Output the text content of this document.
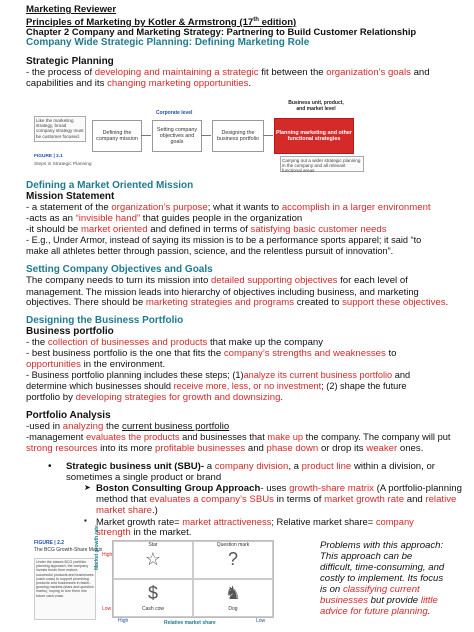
Marketing Reviewer
Principles of Marketing by Kotler & Armstrong (17th edition)
Chapter 2 Company and Marketing Strategy: Partnering to Build Customer Relationship
Company Wide Strategic Planning: Defining Marketing Role
Strategic Planning
- the process of developing and maintaining a strategic fit between the organization’s goals and
capabilities and its changing marketing opportunities.
Like the marketing strategy, broad company strategy must be customer focused.
Corporate level
Business unit, product, and market level
Defining the company mission
Setting company objectives and goals
Designing the business portfolio
Planning marketing and other functional strategies
Carrying out a wider strategic planning in the company and all relevant functional areas
FIGURE | 2.1
Steps in Strategic Planning
Defining a Market Oriented Mission
Mission Statement
- a statement of the organization’s purpose; what it wants to accomplish in a larger environment
-acts as an “invisible hand” that guides people in the organization
-it should be market oriented and defined in terms of satisfying basic customer needs
- E.g., Under Armor, instead of saying its mission is to be a performance sports apparel; it said “to
make all athletes better through passion, science, and the relentless pursuit of innovation”.
Setting Company Objectives and Goals
The company needs to turn its mission into detailed supporting objectives for each level of
management. The mission leads into hierarchy of objectives including business, and marketing
objectives. There should be marketing strategies and programs created to support these objectives.
Designing the Business Portfolio
Business portfolio
- the collection of businesses and products that make up the company
- best business portfolio is the one that fits the company’s strengths and weaknesses to
opportunities in the environment.
- Business portfolio planning includes these steps; (1)analyze its current business portfolio and
determine which businesses should receive more, less, or no investment; (2) shape the future
portfolio by developing strategies for growth and downsizing.
Portfolio Analysis
-used in analyzing the current business portfolio
-management evaluates the products and businesses that make up the company. The company will put
strong resources into its more profitable businesses and phase down or drop its weaker ones.
• Strategic business unit (SBU)- a company division, a product line within a division, or
sometimes a single product or brand
➤ Boston Consulting Group Approach- uses growth-share matrix (A portfolio-planning
method that evaluates a company’s SBUs in terms of market growth rate and relative
market share.)
▪ Market growth rate= market attractiveness; Relative market share= company
strength in the market.
FIGURE | 2.2
The BCG Growth-Share Matrix
Under the classic BCG portfolio planning approach, the company invests funds from mature, successful products and businesses (cash cows) to support promising products and businesses in faster-growing markets (stars and question marks), hoping to turn them into future cash cows.
Market growth rate High
Low
Star
☆
Question mark
?
$
Cash cow
♞
Dog
High	Relative market share	Low
Problems with this approach:
This approach can be
difficult, time-consuming, and
costly to implement. Its focus
is on classifying current
businesses but provide little
advice for future planning.
